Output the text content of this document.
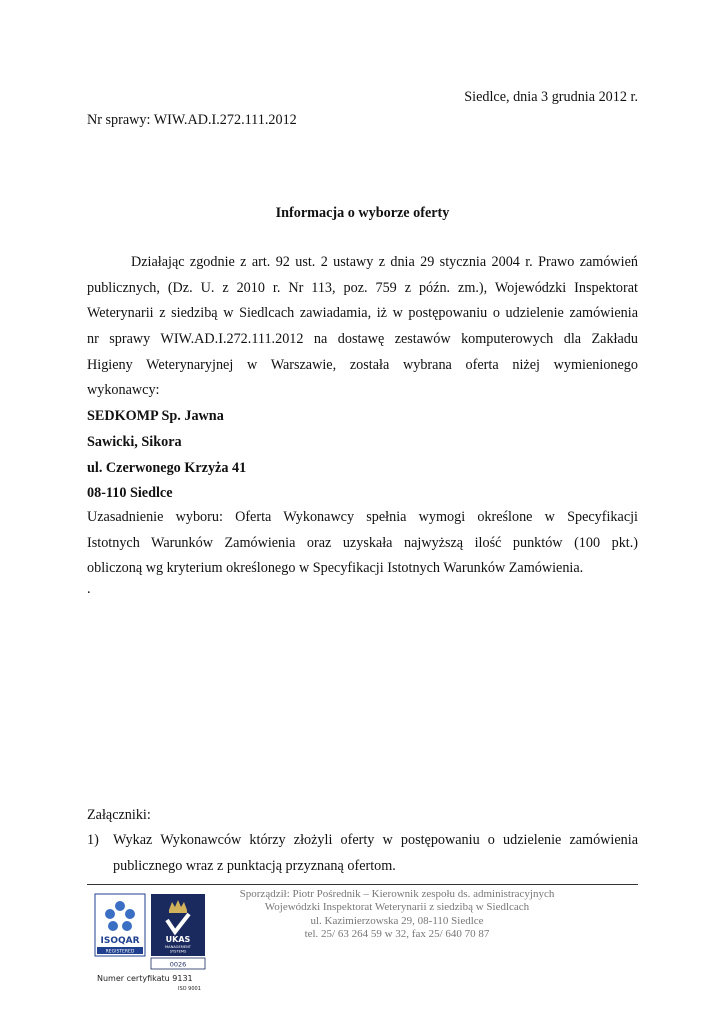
Siedlce, dnia 3 grudnia 2012 r.
Nr sprawy: WIW.AD.I.272.111.2012
Informacja o wyborze oferty
Działając zgodnie z art. 92 ust. 2 ustawy z dnia 29 stycznia 2004 r. Prawo zamówień
publicznych, (Dz. U. z 2010 r. Nr 113, poz. 759 z późn. zm.), Wojewódzki Inspektorat
Weterynarii z siedzibą w Siedlcach zawiadamia, iż w postępowaniu o udzielenie zamówienia
nr sprawy WIW.AD.I.272.111.2012 na dostawę zestawów komputerowych dla Zakładu
Higieny Weterynaryjnej w Warszawie, została wybrana oferta niżej wymienionego
wykonawcy:
SEDKOMP Sp. Jawna
Sawicki, Sikora
ul. Czerwonego Krzyża 41
08-110 Siedlce
Uzasadnienie wyboru: Oferta Wykonawcy spełnia wymogi określone w Specyfikacji
Istotnych Warunków Zamówienia oraz uzyskała najwyższą ilość punktów (100 pkt.)
obliczoną wg kryterium określonego w Specyfikacji Istotnych Warunków Zamówienia.
.
Załączniki:
1) Wykaz Wykonawców którzy złożyli oferty w postępowaniu o udzielenie zamówienia
publicznego wraz z punktacją przyznaną ofertom.
ISOQAR
REGISTERED
UKAS
MANAGEMENT
SYSTEMS
0026
Numer certyfikatu 9131
ISO 9001
Sporządził: Piotr Pośrednik – Kierownik zespołu ds. administracyjnych
Wojewódzki Inspektorat Weterynarii z siedzibą w Siedlcach
ul. Kazimierzowska 29, 08-110 Siedlce
tel. 25/ 63 264 59 w 32, fax 25/ 640 70 87
